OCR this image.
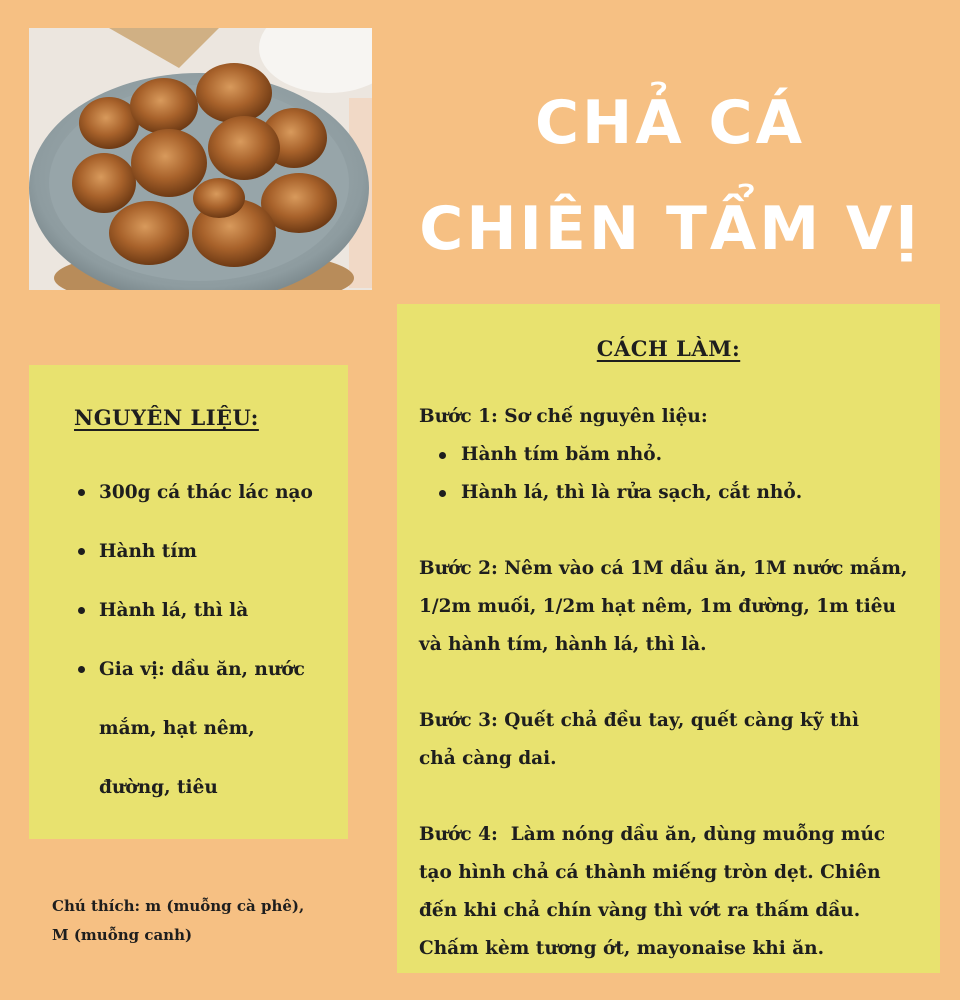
CHẢ CÁ
CHIÊN TẨM VỊ
NGUYÊN LIỆU:
300g cá thác lác nạo
Hành tím
Hành lá, thì là
Gia vị: dầu ăn, nước
mắm, hạt nêm,
đường, tiêu
Chú thích: m (muỗng cà phê),
M (muỗng canh)
CÁCH LÀM:
Bước 1: Sơ chế nguyên liệu:
Hành tím băm nhỏ.
Hành lá, thì là rửa sạch, cắt nhỏ.
Bước 2: Nêm vào cá 1M dầu ăn, 1M nước mắm,
1/2m muối, 1/2m hạt nêm, 1m đường, 1m tiêu
và hành tím, hành lá, thì là.
Bước 3: Quết chả đều tay, quết càng kỹ thì
chả càng dai.
Bước 4:  Làm nóng dầu ăn, dùng muỗng múc
tạo hình chả cá thành miếng tròn dẹt. Chiên
đến khi chả chín vàng thì vớt ra thấm dầu.
Chấm kèm tương ớt, mayonaise khi ăn.
